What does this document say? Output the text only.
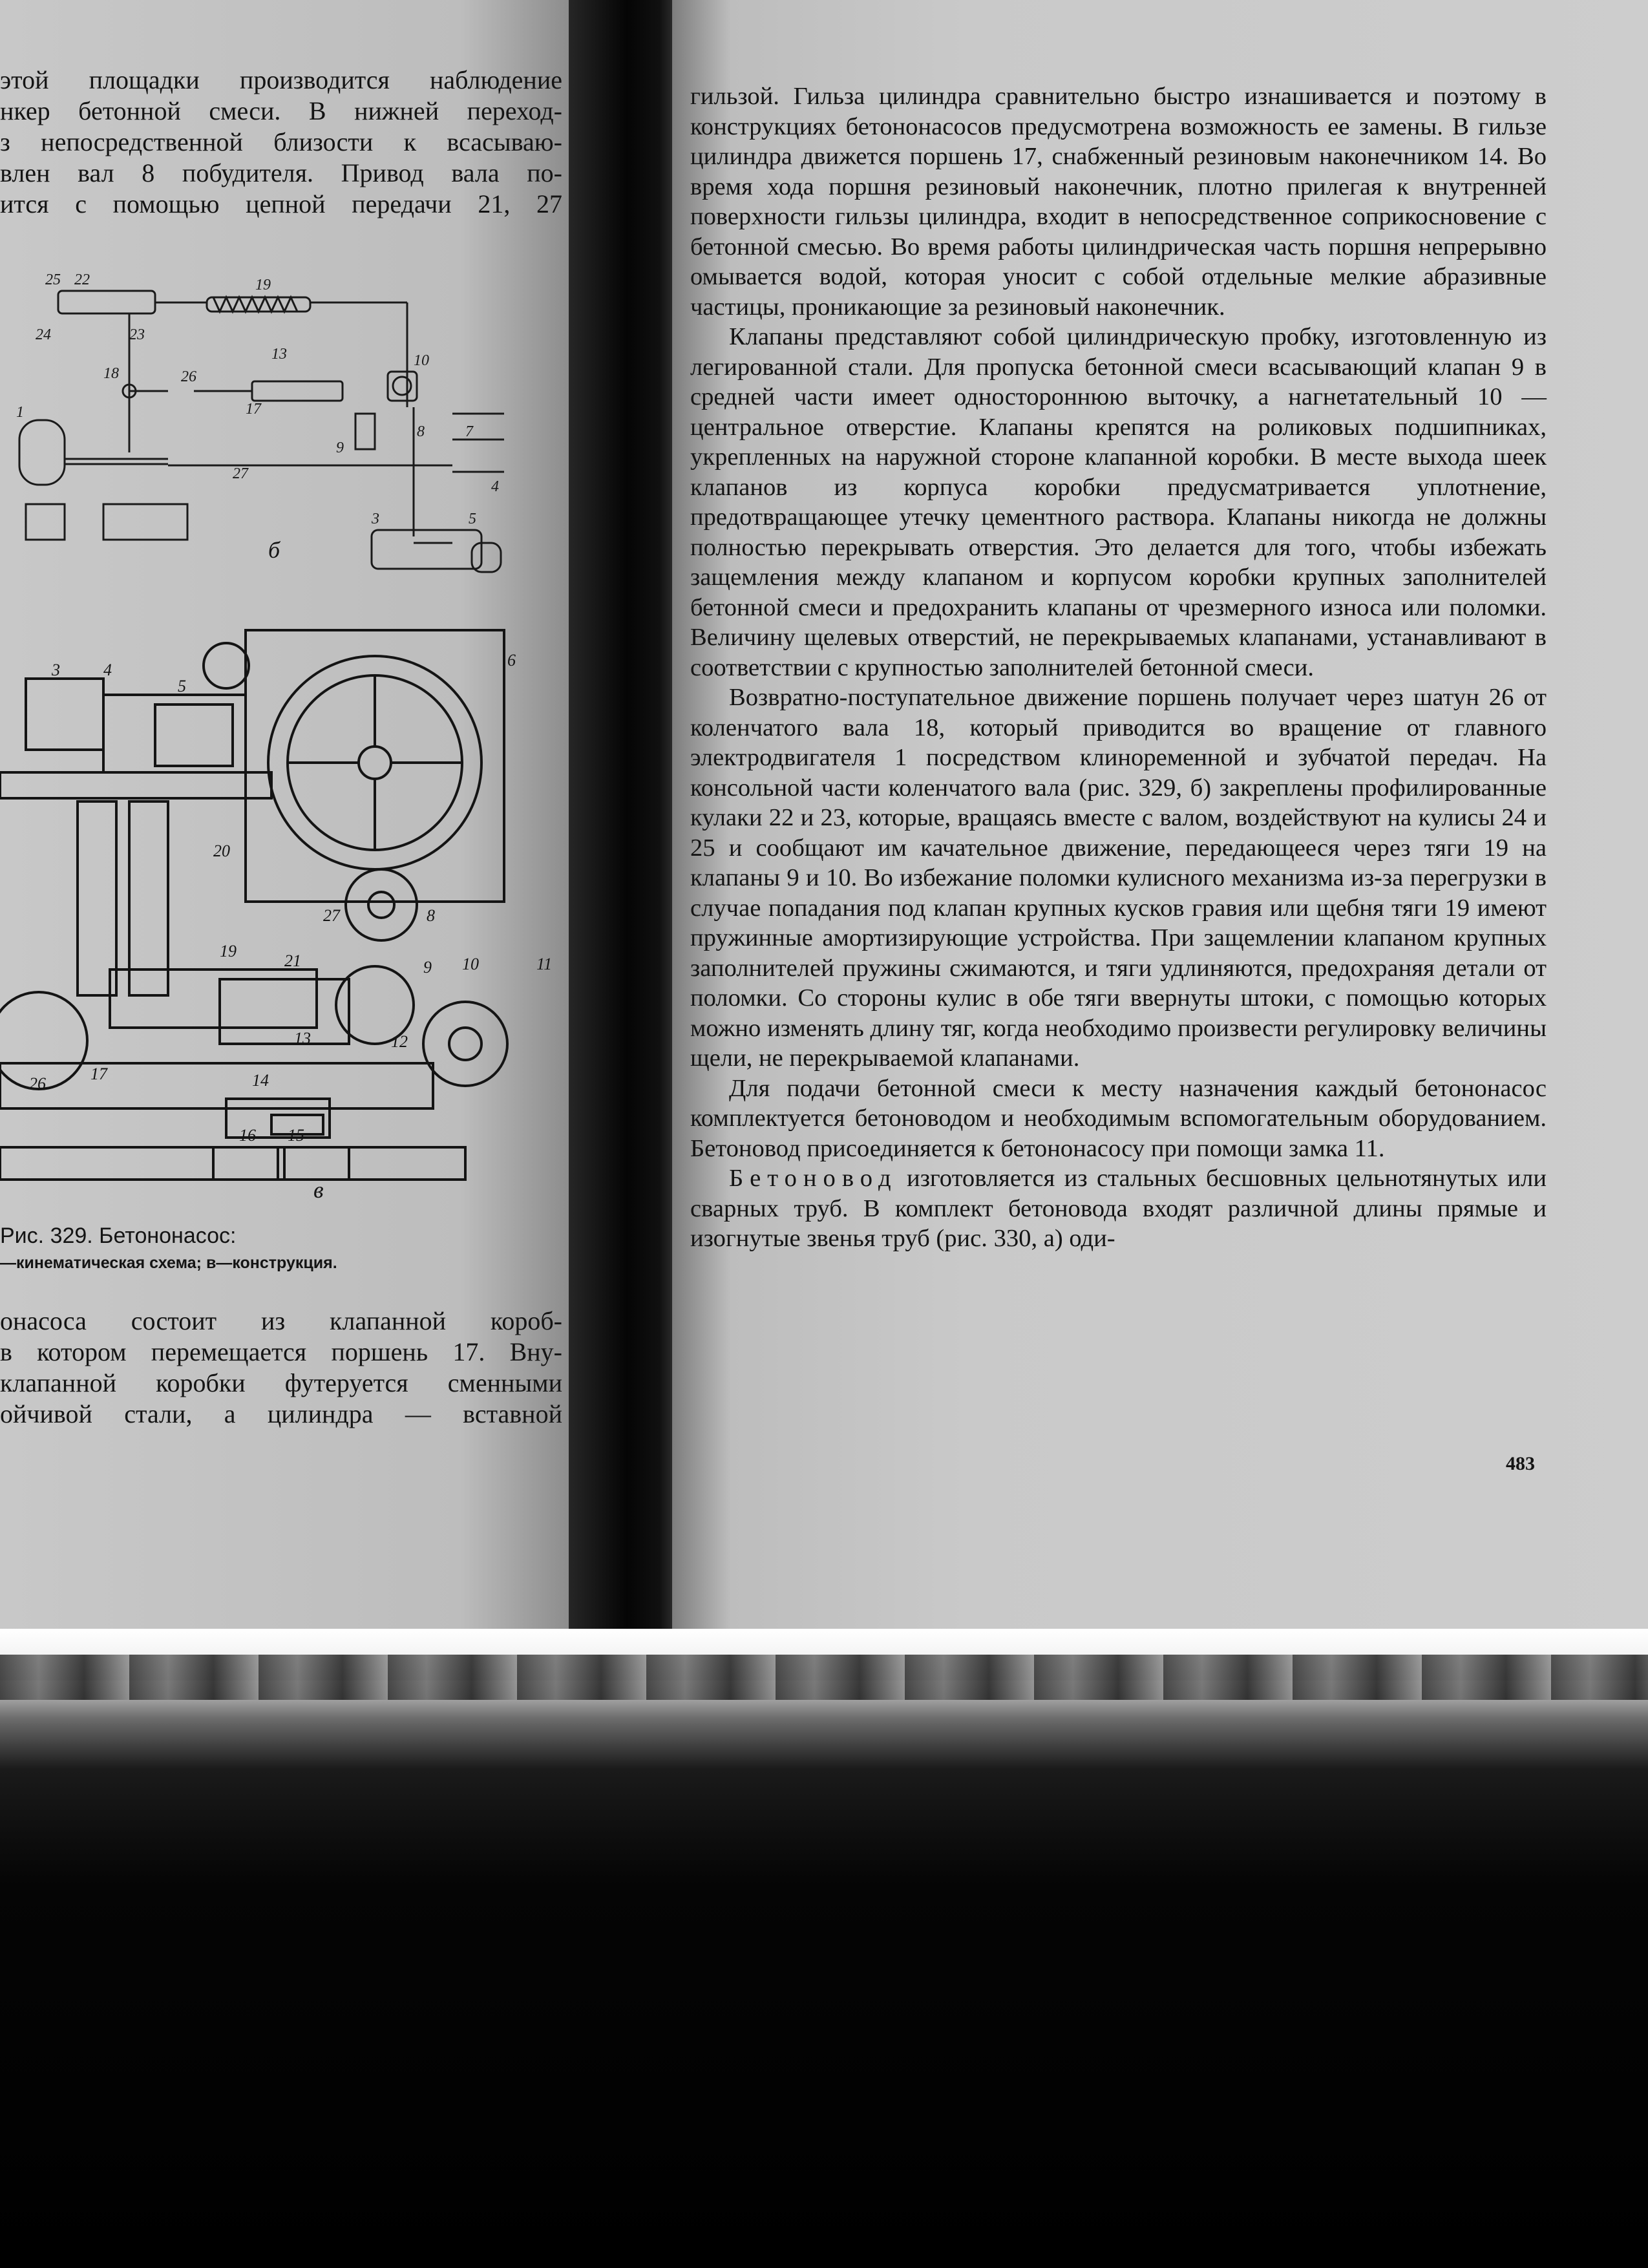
этой площадки производится наблюдение
нкер бетонной смеси. В нижней переход-
з непосредственной близости к всасываю-
влен вал 8 побудителя. Привод вала по-
ится с помощью цепной передачи 21, 27
25 22	19
24	23
18	26
13	10
17
1
9
8	7
27
4
3	5
б
3	4
5
6
20
27	8
19
21	9 10	11
26
17
13	12
14
16 15
в
Рис. 329. Бетононасос:
—кинематическая схема; в—конструкция.
онасоса состоит из клапанной короб-
в котором перемещается поршень 17. Вну-
клапанной коробки футеруется сменными
ойчивой стали, а цилиндра — вставной

гильзой. Гильза цилиндра сравнительно быстро изнашивается и поэтому в конструкциях бетононасосов предусмотрена возможность ее замены. В гильзе цилиндра движется поршень 17, снабженный резиновым наконечником 14. Во время хода поршня резиновый наконечник, плотно прилегая к внутренней поверхности гильзы цилиндра, входит в непосредственное соприкосновение с бетонной смесью. Во время работы цилиндрическая часть поршня непрерывно омывается водой, которая уносит с собой отдельные мелкие абразивные частицы, проникающие за резиновый наконечник.

Клапаны представляют собой цилиндрическую пробку, изготовленную из легированной стали. Для пропуска бетонной смеси всасывающий клапан 9 в средней части имеет одностороннюю выточку, а нагнетательный 10 — центральное отверстие. Клапаны крепятся на роликовых подшипниках, укрепленных на наружной стороне клапанной коробки. В месте выхода шеек клапанов из корпуса коробки предусматривается уплотнение, предотвращающее утечку цементного раствора. Клапаны никогда не должны полностью перекрывать отверстия. Это делается для того, чтобы избежать защемления между клапаном и корпусом коробки крупных заполнителей бетонной смеси и предохранить клапаны от чрезмерного износа или поломки. Величину щелевых отверстий, не перекрываемых клапанами, устанавливают в соответствии с крупностью заполнителей бетонной смеси.

Возвратно-поступательное движение поршень получает через шатун 26 от коленчатого вала 18, который приводится во вращение от главного электродвигателя 1 посредством клиноременной и зубчатой передач. На консольной части коленчатого вала (рис. 329, б) закреплены профилированные кулаки 22 и 23, которые, вращаясь вместе с валом, воздействуют на кулисы 24 и 25 и сообщают им качательное движение, передающееся через тяги 19 на клапаны 9 и 10. Во избежание поломки кулисного механизма из-за перегрузки в случае попадания под клапан крупных кусков гравия или щебня тяги 19 имеют пружинные амортизирующие устройства. При защемлении клапаном крупных заполнителей пружины сжимаются, и тяги удлиняются, предохраняя детали от поломки. Со стороны кулис в обе тяги ввернуты штоки, с помощью которых можно изменять длину тяг, когда необходимо произвести регулировку величины щели, не перекрываемой клапанами.

Для подачи бетонной смеси к месту назначения каждый бетононасос комплектуется бетоноводом и необходимым вспомогательным оборудованием. Бетоновод присоединяется к бетононасосу при помощи замка 11.

Бетоновод изготовляется из стальных бесшовных цельнотянутых или сварных труб. В комплект бетоновода входят различной длины прямые и изогнутые звенья труб (рис. 330, а) оди-

483
